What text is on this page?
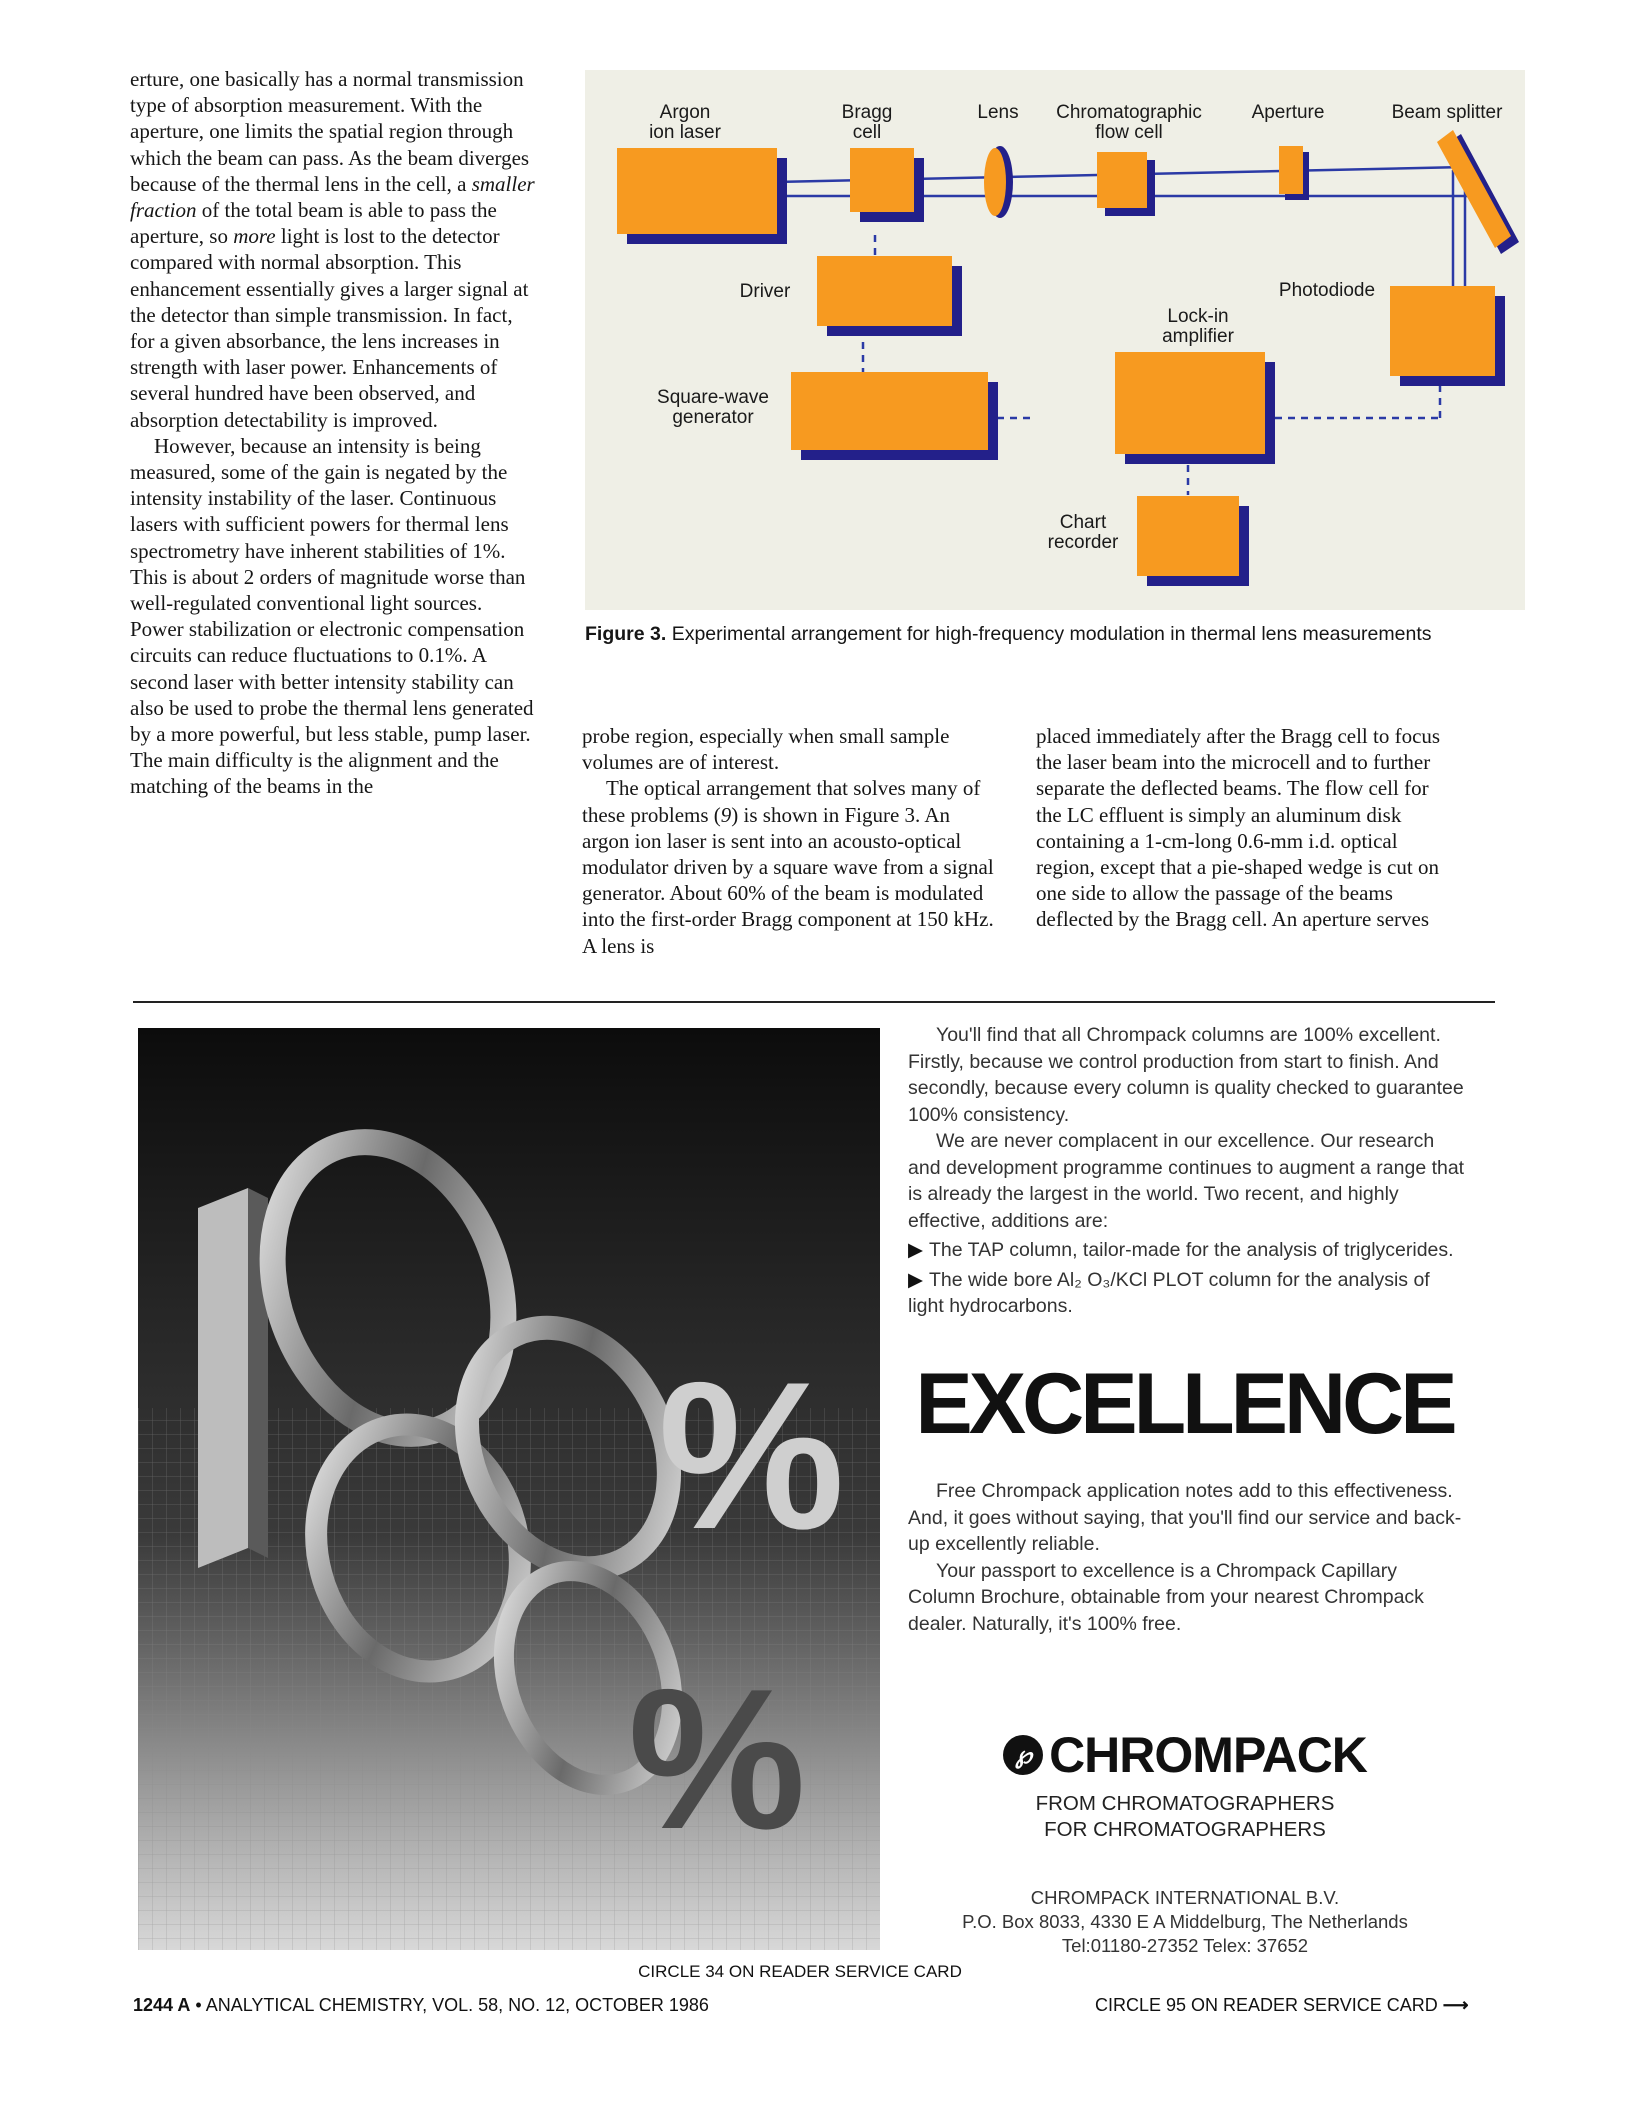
erture, one basically has a normal transmission type of absorption measurement. With the aperture, one limits the spatial region through which the beam can pass. As the beam diverges because of the thermal lens in the cell, a smaller fraction of the total beam is able to pass the aperture, so more light is lost to the detector compared with normal absorption. This enhancement essentially gives a larger signal at the detector than simple transmission. In fact, for a given absorbance, the lens increases in strength with laser power. Enhancements of several hundred have been observed, and absorption detectability is improved.

However, because an intensity is being measured, some of the gain is negated by the intensity instability of the laser. Continuous lasers with sufficient powers for thermal lens spectrometry have inherent stabilities of 1%. This is about 2 orders of magnitude worse than well-regulated conventional light sources. Power stabilization or electronic compensation circuits can reduce fluctuations to 0.1%. A second laser with better intensity stability can also be used to probe the thermal lens generated by a more powerful, but less stable, pump laser. The main difficulty is the alignment and the matching of the beams in the

Argon
ion laser
Bragg
cell
Lens Chromatographic
flow cell
Aperture	Beam splitter
Driver	Photodiode
Lock-in
amplifier
Square-wave
generator
Chart
recorder
Figure 3. Experimental arrangement for high-frequency modulation in thermal lens measurements

probe region, especially when small sample volumes are of interest.

The optical arrangement that solves many of these problems (9) is shown in Figure 3. An argon ion laser is sent into an acousto-optical modulator driven by a square wave from a signal generator. About 60% of the beam is modulated into the first-order Bragg component at 150 kHz. A lens is

placed immediately after the Bragg cell to focus the laser beam into the microcell and to further separate the deflected beams. The flow cell for the LC effluent is simply an aluminum disk containing a 1-cm-long 0.6-mm i.d. optical region, except that a pie-shaped wedge is cut on one side to allow the passage of the beams deflected by the Bragg cell. An aperture serves

%
%

You'll find that all Chrompack columns are 100% excellent. Firstly, because we control production from start to finish. And secondly, because every column is quality checked to guarantee 100% consistency.

We are never complacent in our excellence. Our research and development programme continues to augment a range that is already the largest in the world. Two recent, and highly effective, additions are:

▶ The TAP column, tailor-made for the analysis of triglycerides.

▶ The wide bore Al₂ O₃/KCl PLOT column for the analysis of light hydrocarbons.

EXCELLENCE

Free Chrompack application notes add to this effectiveness. And, it goes without saying, that you'll find our service and back-up excellently reliable.

Your passport to excellence is a Chrompack Capillary Column Brochure, obtainable from your nearest Chrompack dealer. Naturally, it's 100% free.

℘ CHROMPACK
FROM CHROMATOGRAPHERS
FOR CHROMATOGRAPHERS
CHROMPACK INTERNATIONAL B.V.
P.O. Box 8033, 4330 E A Middelburg, The Netherlands
Tel:01180-27352 Telex: 37652
CIRCLE 34 ON READER SERVICE CARD
1244 A • ANALYTICAL CHEMISTRY, VOL. 58, NO. 12, OCTOBER 1986	CIRCLE 95 ON READER SERVICE CARD ⟶
